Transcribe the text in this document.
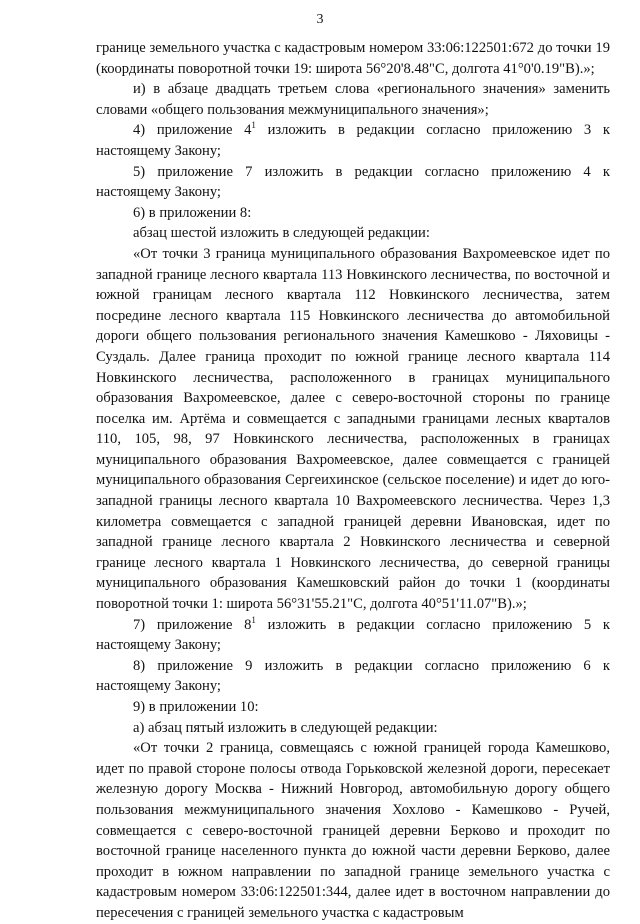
3

границе земельного участка с кадастровым номером 33:06:122501:672 до точки 19 (координаты поворотной точки 19: широта 56°20'8.48"С, долгота 41°0'0.19"В).»;

и) в абзаце двадцать третьем слова «регионального значения» заменить словами «общего пользования межмуниципального значения»;

4) приложение $4^1$ изложить в редакции согласно приложению 3 к настоящему Закону;

5) приложение 7 изложить в редакции согласно приложению 4 к настоящему Закону;

6) в приложении 8:

абзац шестой изложить в следующей редакции:

«От точки 3 граница муниципального образования Вахромеевское идет по западной границе лесного квартала 113 Новкинского лесничества, по восточной и южной границам лесного квартала 112 Новкинского лесничества, затем посредине лесного квартала 115 Новкинского лесничества до автомобильной дороги общего пользования регионального значения Камешково - Ляховицы - Суздаль. Далее граница проходит по южной границе лесного квартала 114 Новкинского лесничества, расположенного в границах муниципального образования Вахромеевское, далее с северо-восточной стороны по границе поселка им. Артёма и совмещается с западными границами лесных кварталов 110, 105, 98, 97 Новкинского лесничества, расположенных в границах муниципального образования Вахромеевское, далее совмещается с границей муниципального образования Сергеихинское (сельское поселение) и идет до юго-западной границы лесного квартала 10 Вахромеевского лесничества. Через 1,3 километра совмещается с западной границей деревни Ивановская, идет по западной границе лесного квартала 2 Новкинского лесничества и северной границе лесного квартала 1 Новкинского лесничества, до северной границы муниципального образования Камешковский район до точки 1 (координаты поворотной точки 1: широта 56°31'55.21"С, долгота 40°51'11.07"В).»;

7) приложение $8^1$ изложить в редакции согласно приложению 5 к настоящему Закону;

8) приложение 9 изложить в редакции согласно приложению 6 к настоящему Закону;

9) в приложении 10:

а) абзац пятый изложить в следующей редакции:

«От точки 2 граница, совмещаясь с южной границей города Камешково, идет по правой стороне полосы отвода Горьковской железной дороги, пересекает железную дорогу Москва - Нижний Новгород, автомобильную дорогу общего пользования межмуниципального значения Хохлово - Камешково - Ручей, совмещается с северо-восточной границей деревни Берково и проходит по восточной границе населенного пункта до южной части деревни Берково, далее проходит в южном направлении по западной границе земельного участка с кадастровым номером 33:06:122501:344, далее идет в восточном направлении до пересечения с границей земельного участка с кадастровым
